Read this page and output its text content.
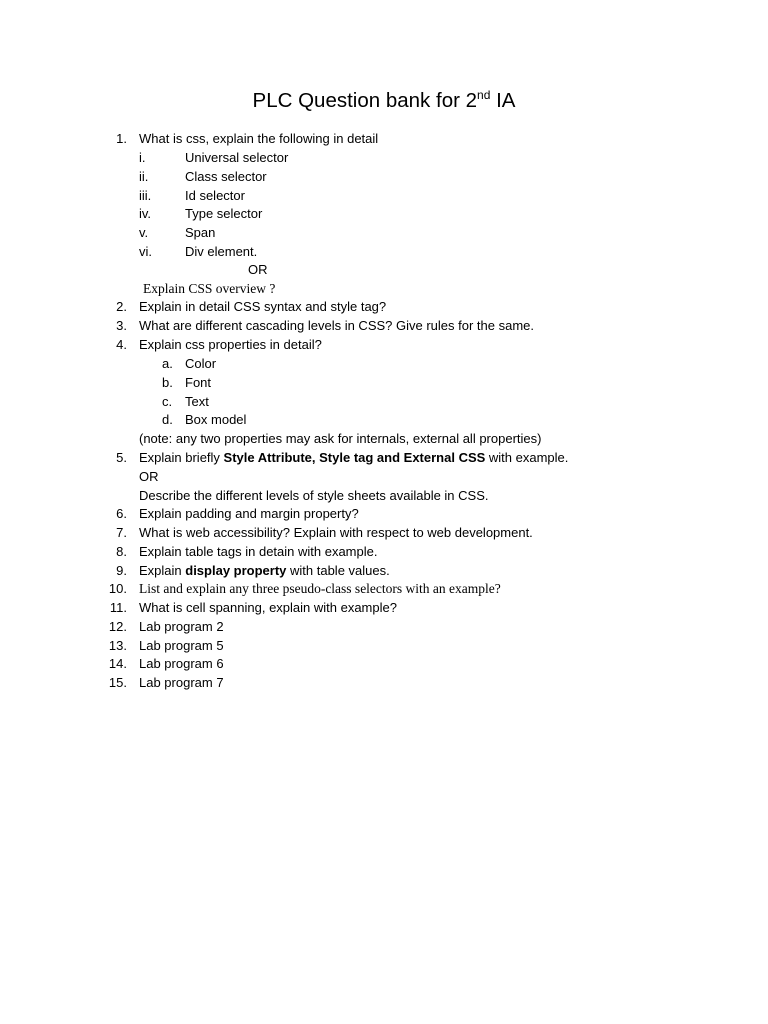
PLC Question bank for 2nd IA
1. What is css, explain the following in detail
i.	Universal selector
ii.	Class selector
iii.	Id selector
iv.	Type selector
v.	Span
vi.	Div element.
OR
Explain CSS overview ?
2. Explain in detail CSS syntax and style tag?
3. What are different cascading levels in CSS? Give rules for the same.
4. Explain css properties in detail?
a. Color
b. Font
c. Text
d. Box model
(note: any two properties may ask for internals, external all properties)
5. Explain briefly Style Attribute, Style tag and External CSS with example.
OR
Describe the different levels of style sheets available in CSS.
6. Explain padding and margin property?
7. What is web accessibility? Explain with respect to web development.
8. Explain table tags in detain with example.
9. Explain display property with table values.
10. List and explain any three pseudo-class selectors with an example?
11. What is cell spanning, explain with example?
12. Lab program 2
13. Lab program 5
14. Lab program 6
15. Lab program 7
